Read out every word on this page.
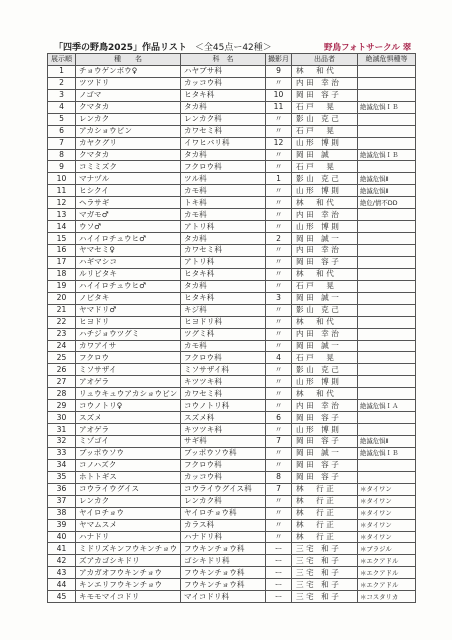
「四季の野鳥2025」作品リスト ＜全45点ー42種＞	野鳥フォトサークル 翠
展示順	種　　名	科　名	撮影月	出品者	絶滅危惧種等
1	チョウゲンボウ♀	ハヤブサ科	9	林　和代	
2	ツツドリ	カッコウ科	〃	内田 幸治	
3	ノゴマ	ヒタキ科	10	岡田 容子	
4	クマタカ	タカ科	11	石戸　晃	絶滅危惧ＩＢ
5	レンカク	レンカク科	〃	影山 克己	
6	アカショウビン	カワセミ科	〃	石戸　晃	
7	カヤクグリ	イワヒバリ科	12	山形 博則	
8	クマタカ	タカ科	〃	岡田 誠	絶滅危惧ＩＢ
9	コミミズク	フクロウ科	〃	石戸　晃	
10	マナヅル	ツル科	1	影山 克己	絶滅危惧Ⅱ
11	ヒシクイ	カモ科	〃	山形 博則	絶滅危惧Ⅱ
12	ヘラサギ	トキ科	〃	林　和代	絶危/情不DD
13	マガモ♂	カモ科	〃	内田 幸治	
14	ウソ♂	アトリ科	〃	山形 博則	
15	ハイイロチュウヒ♂	タカ科	2	岡田 誠一	
16	ヤマセミ♀	カワセミ科	〃	内田 幸治	
17	ハギマシコ	アトリ科	〃	岡田 容子	
18	ルリビタキ	ヒタキ科	〃	林　和代	
19	ハイイロチュウヒ♂	タカ科	〃	石戸　晃	
20	ノビタキ	ヒタキ科	3	岡田 誠一	
21	ヤマドリ♂	キジ科	〃	影山 克己	
22	ヒヨドリ	ヒヨドリ科	〃	林　和代	
23	ハチジョウツグミ	ツグミ科	〃	内田 幸治	
24	カワアイサ	カモ科	〃	岡田 誠一	
25	フクロウ	フクロウ科	4	石戸　晃	
26	ミソサザイ	ミソサザイ科	〃	影山 克己	
27	アオゲラ	キツツキ科	〃	山形 博則	
28	リュウキュウアカショウビン	カワセミ科	〃	林　和代	
29	コウノトリ♀	コウノトリ科	〃	内田 幸治	絶滅危惧ＩＡ
30	スズメ	スズメ科	6	岡田 容子	
31	アオゲラ	キツツキ科	〃	山形 博則	
32	ミゾゴイ	サギ科	7	岡田 容子	絶滅危惧Ⅱ
33	ブッポウソウ	ブッポウソウ科	〃	岡田 誠一	絶滅危惧ＩＢ
34	コノハズク	フクロウ科	〃	岡田 容子	
35	ホトトギス	カッコウ科	8	岡田 容子	
36	コウライウグイス	コウライウグイス科	7	林　行正	＊タイワン
37	レンカク	レンカク科	〃	林　行正	＊タイワン
38	ヤイロチョウ	ヤイロチョウ科	〃	林　行正	＊タイワン
39	ヤマムスメ	カラス科	〃	林　行正	＊タイワン
40	ハナドリ	ハナドリ科	〃	林　行正	＊タイワン
41	ミドリズキンフウキンチョウ	フウキンチョウ科	ー	三宅 和子	＊ブラジル
42	ズアカゴシキドリ	ゴシキドリ科	ー	三宅 和子	＊エクアドル
43	アカガオフウキンチョウ	フウキンチョウ科	ー	三宅 和子	＊エクアドル
44	キンエリフウキンチョウ	フウキンチョウ科	ー	三宅 和子	＊エクアドル
45	キモモマイコドリ	マイコドリ科	ー	三宅 和子	＊コスタリカ
